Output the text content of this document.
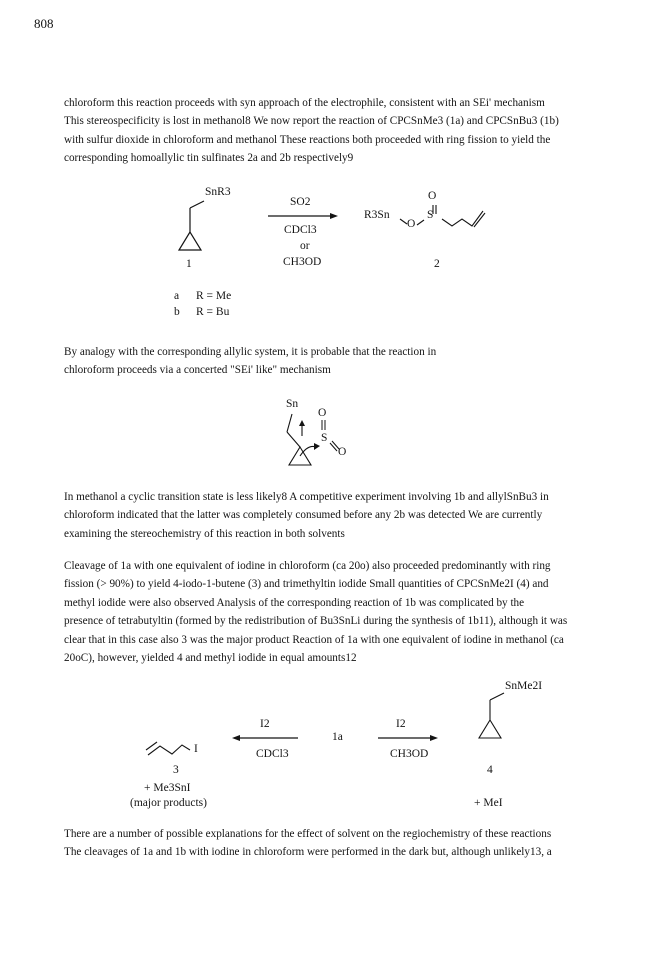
808
chloroform this reaction proceeds with syn approach of the electrophile, consistent with an SEi' mechanism
This stereospecificity is lost in methanol8 We now report the reaction of CPCSnMe3 (1a) and CPCSnBu3 (1b)
with sulfur dioxide in chloroform and methanol These reactions both proceeded with ring fission to yield the
corresponding homoallylic tin sulfinates 2a and 2b respectively9
SnR3
SO2
CDCl3
or
CH3OD
1
R3Sn
O
S
O
2
a R = Me
b R = Bu
By analogy with the corresponding allylic system, it is probable that the reaction in
chloroform proceeds via a concerted "SEi' like" mechanism
Sn
O
S
O
In methanol a cyclic transition state is less likely8 A competitive experiment involving 1b and allylSnBu3 in
chloroform indicated that the latter was completely consumed before any 2b was detected We are currently
examining the stereochemistry of this reaction in both solvents
Cleavage of 1a with one equivalent of iodine in chloroform (ca 20o) also proceeded predominantly with ring
fission (> 90%) to yield 4-iodo-1-butene (3) and trimethyltin iodide Small quantities of CPCSnMe2I (4) and
methyl iodide were also observed Analysis of the corresponding reaction of 1b was complicated by the
presence of tetrabutyltin (formed by the redistribution of Bu3SnLi during the synthesis of 1b11), although it was
clear that in this case also 3 was the major product Reaction of 1a with one equivalent of iodine in methanol (ca
20oC), however, yielded 4 and methyl iodide in equal amounts12
I
I2
CDCl3
1a
I2
CH3OD
SnMe2I
3
+ Me3SnI
(major products)
4
+ MeI
There are a number of possible explanations for the effect of solvent on the regiochemistry of these reactions
The cleavages of 1a and 1b with iodine in chloroform were performed in the dark but, although unlikely13, a
